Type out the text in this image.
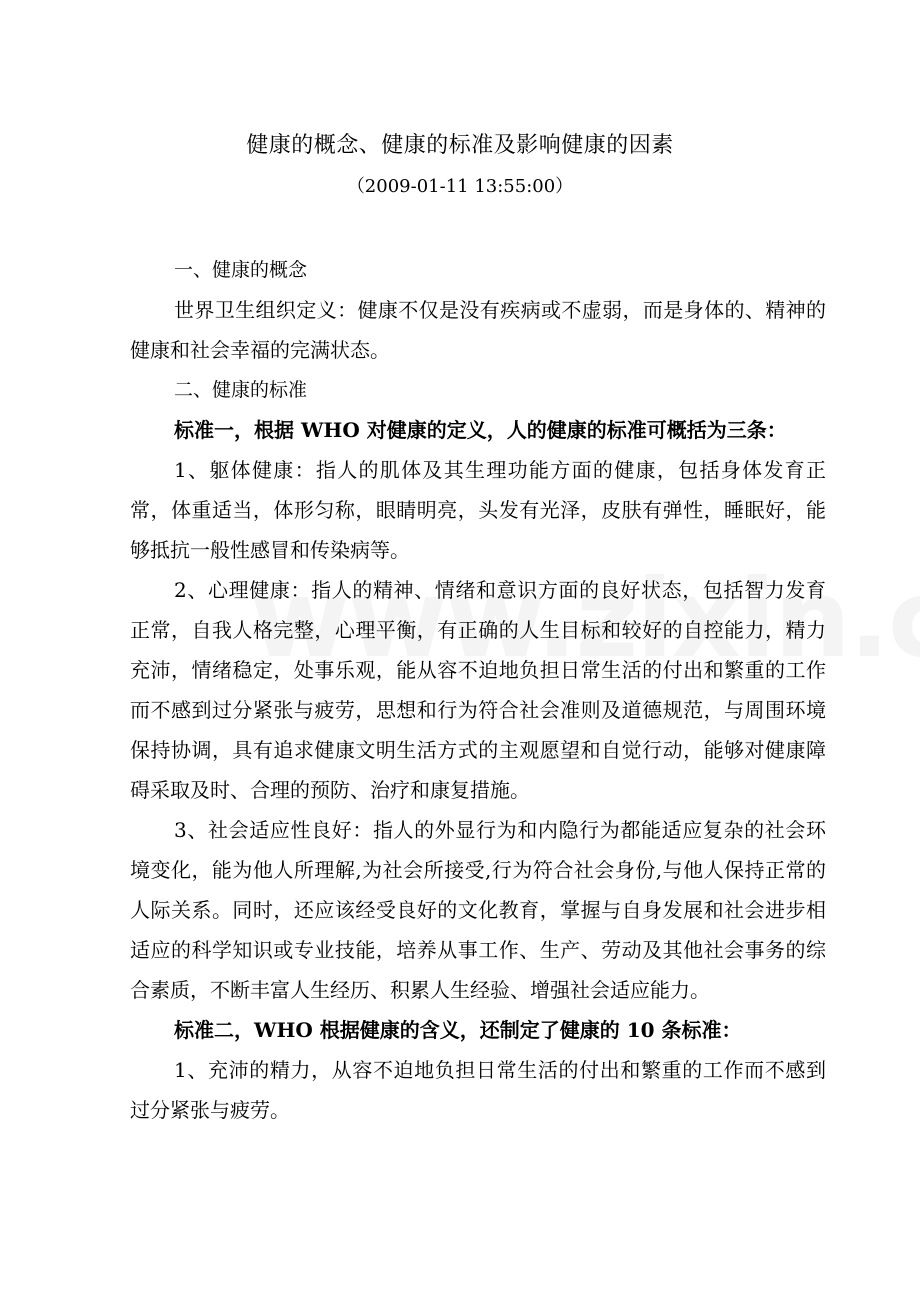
健康的概念、健康的标准及影响健康的因素
（2009-01-11 13:55:00）

一、健康的概念

世界卫生组织定义：健康不仅是没有疾病或不虚弱，而是身体的、精神的健康和社会幸福的完满状态。

二、健康的标准

标准一，根据 WHO 对健康的定义，人的健康的标准可概括为三条：

1、躯体健康：指人的肌体及其生理功能方面的健康，包括身体发育正常，体重适当，体形匀称，眼睛明亮，头发有光泽，皮肤有弹性，睡眠好，能够抵抗一般性感冒和传染病等。

2、心理健康：指人的精神、情绪和意识方面的良好状态，包括智力发育正常，自我人格完整，心理平衡，有正确的人生目标和较好的自控能力，精力充沛，情绪稳定，处事乐观，能从容不迫地负担日常生活的付出和繁重的工作而不感到过分紧张与疲劳，思想和行为符合社会准则及道德规范，与周围环境保持协调，具有追求健康文明生活方式的主观愿望和自觉行动，能够对健康障碍采取及时、合理的预防、治疗和康复措施。

3、社会适应性良好：指人的外显行为和内隐行为都能适应复杂的社会环境变化，能为他人所理解,为社会所接受,行为符合社会身份,与他人保持正常的人际关系。同时，还应该经受良好的文化教育，掌握与自身发展和社会进步相适应的科学知识或专业技能，培养从事工作、生产、劳动及其他社会事务的综合素质，不断丰富人生经历、积累人生经验、增强社会适应能力。

标准二，WHO 根据健康的含义，还制定了健康的 10 条标准：

1、充沛的精力，从容不迫地负担日常生活的付出和繁重的工作而不感到过分紧张与疲劳。
